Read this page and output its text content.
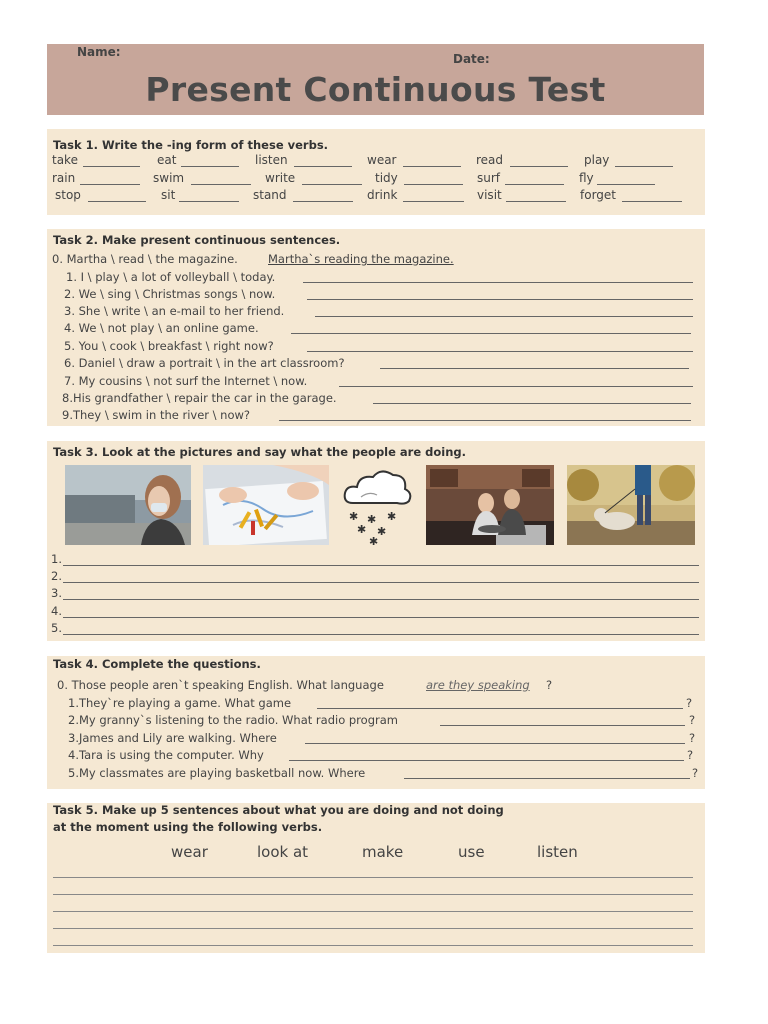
Name:	Date:
Present Continuous Test
Task 1. Write the -ing form of these verbs.
take	eat	listen	wear	read	play
rain	swim	write	tidy	surf	fly
stop	sit	stand	drink	visit	forget
Task 2. Make present continuous sentences.
0. Martha \ read \ the magazine.	Martha`s reading the magazine.
1. I \ play \ a lot of volleyball \ today.
2. We \ sing \ Christmas songs \ now.
3. She \ write \ an e-mail to her friend.
4. We \ not play \ an online game.
5. You \ cook \ breakfast \ right now?
6. Daniel \ draw a portrait \ in the art classroom?
7. My cousins \ not surf the Internet \ now.
8.His grandfather \ repair the car in the garage.
9.They \ swim in the river \ now?
Task 3. Look at the pictures and say what the people are doing.
✱ ✱ ✱
✱ ✱
✱
1.
2.
3.
4.
5.
Task 4. Complete the questions.
0. Those people aren`t speaking English. What language	are they speaking ?
1.They`re playing a game. What game	?
2.My granny`s listening to the radio. What radio program	?
3.James and Lily are walking. Where	?
4.Tara is using the computer. Why	?
5.My classmates are playing basketball now. Where	?
Task 5. Make up 5 sentences about what you are doing and not doing
at the moment using the following verbs.
wear	look at	make	use	listen
